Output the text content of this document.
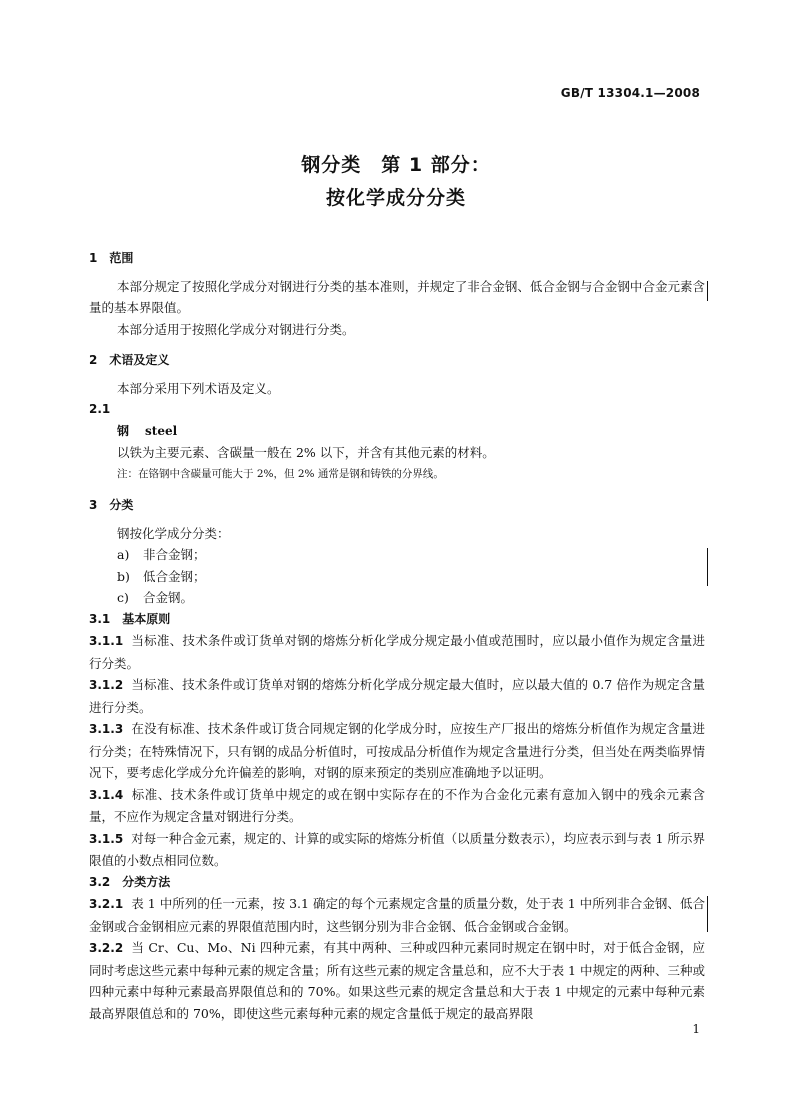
GB/T 13304.1—2008
钢分类　第 1 部分：
按化学成分分类
1　范围
本部分规定了按照化学成分对钢进行分类的基本准则，并规定了非合金钢、低合金钢与合金钢中合金元素含量的基本界限值。
本部分适用于按照化学成分对钢进行分类。
2　术语及定义
本部分采用下列术语及定义。
2.1
钢 steel
以铁为主要元素、含碳量一般在 2% 以下，并含有其他元素的材料。
注：在铬钢中含碳量可能大于 2%，但 2% 通常是钢和铸铁的分界线。
3　分类
钢按化学成分分类：
a) 非合金钢；
b) 低合金钢；
c) 合金钢。
3.1　基本原则
3.1.1 当标准、技术条件或订货单对钢的熔炼分析化学成分规定最小值或范围时，应以最小值作为规定含量进行分类。
3.1.2 当标准、技术条件或订货单对钢的熔炼分析化学成分规定最大值时，应以最大值的 0.7 倍作为规定含量进行分类。
3.1.3 在没有标准、技术条件或订货合同规定钢的化学成分时，应按生产厂报出的熔炼分析值作为规定含量进行分类；在特殊情况下，只有钢的成品分析值时，可按成品分析值作为规定含量进行分类，但当处在两类临界情况下，要考虑化学成分允许偏差的影响，对钢的原来预定的类别应准确地予以证明。
3.1.4 标准、技术条件或订货单中规定的或在钢中实际存在的不作为合金化元素有意加入钢中的残余元素含量，不应作为规定含量对钢进行分类。
3.1.5 对每一种合金元素，规定的、计算的或实际的熔炼分析值（以质量分数表示），均应表示到与表 1 所示界限值的小数点相同位数。
3.2　分类方法
3.2.1 表 1 中所列的任一元素，按 3.1 确定的每个元素规定含量的质量分数，处于表 1 中所列非合金钢、低合金钢或合金钢相应元素的界限值范围内时，这些钢分别为非合金钢、低合金钢或合金钢。
3.2.2 当 Cr、Cu、Mo、Ni 四种元素，有其中两种、三种或四种元素同时规定在钢中时，对于低合金钢，应同时考虑这些元素中每种元素的规定含量；所有这些元素的规定含量总和，应不大于表 1 中规定的两种、三种或四种元素中每种元素最高界限值总和的 70%。如果这些元素的规定含量总和大于表 1 中规定的元素中每种元素最高界限值总和的 70%，即使这些元素每种元素的规定含量低于规定的最高界限
1
